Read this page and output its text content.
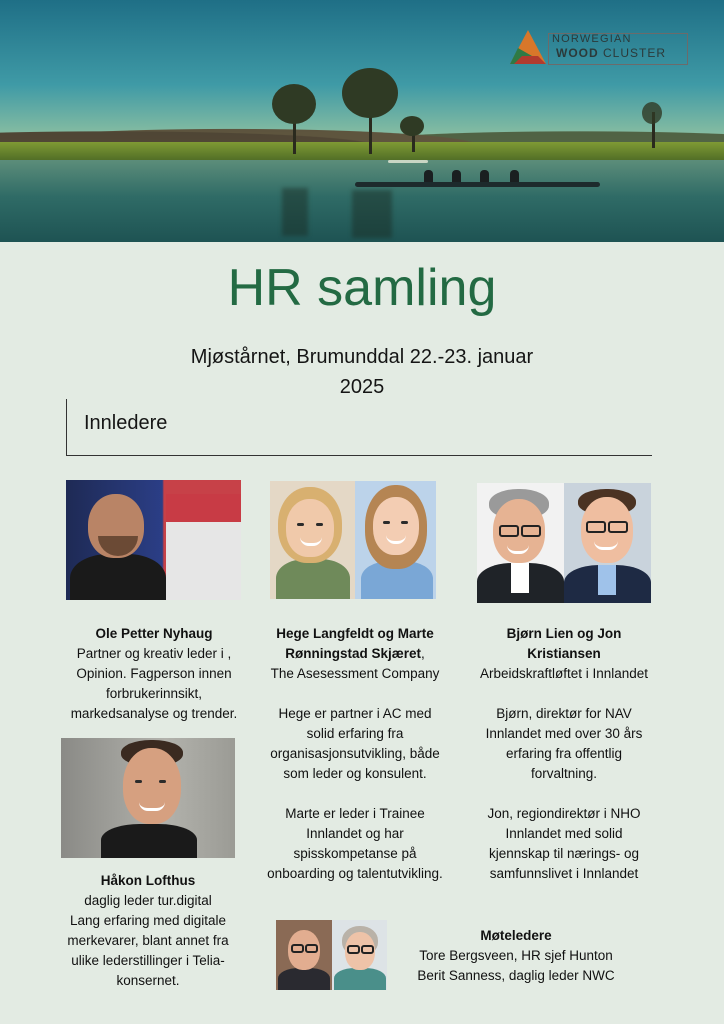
NORWEGIAN
WOOD CLUSTER
HR samling
Mjøstårnet, Brumunddal 22.-23. januar
2025
Innledere

Ole Petter Nyhaug

Partner og kreativ leder i ,

Opinion. Fagperson innen

forbrukerinnsikt,

markedsanalyse og trender.

Hege Langfeldt og Marte

Rønningstad Skjæret,

The Asesessment Company

Hege er partner i AC med

solid erfaring fra

organisasjonsutvikling, både

som leder og konsulent.

Marte er leder i Trainee

Innlandet og har

spisskompetanse på

onboarding og talentutvikling.

Bjørn Lien og Jon

Kristiansen

Arbeidskraftløftet i Innlandet

Bjørn, direktør for NAV

Innlandet med over 30 års

erfaring fra offentlig

forvaltning.

Jon, regiondirektør i NHO

Innlandet med solid

kjennskap til nærings- og

samfunnslivet i Innlandet

Håkon Lofthus

daglig leder tur.digital

Lang erfaring med digitale

merkevarer, blant annet fra

ulike lederstillinger i Telia-

konsernet.

Møteledere

Tore Bergsveen, HR sjef Hunton

Berit Sanness, daglig leder NWC
